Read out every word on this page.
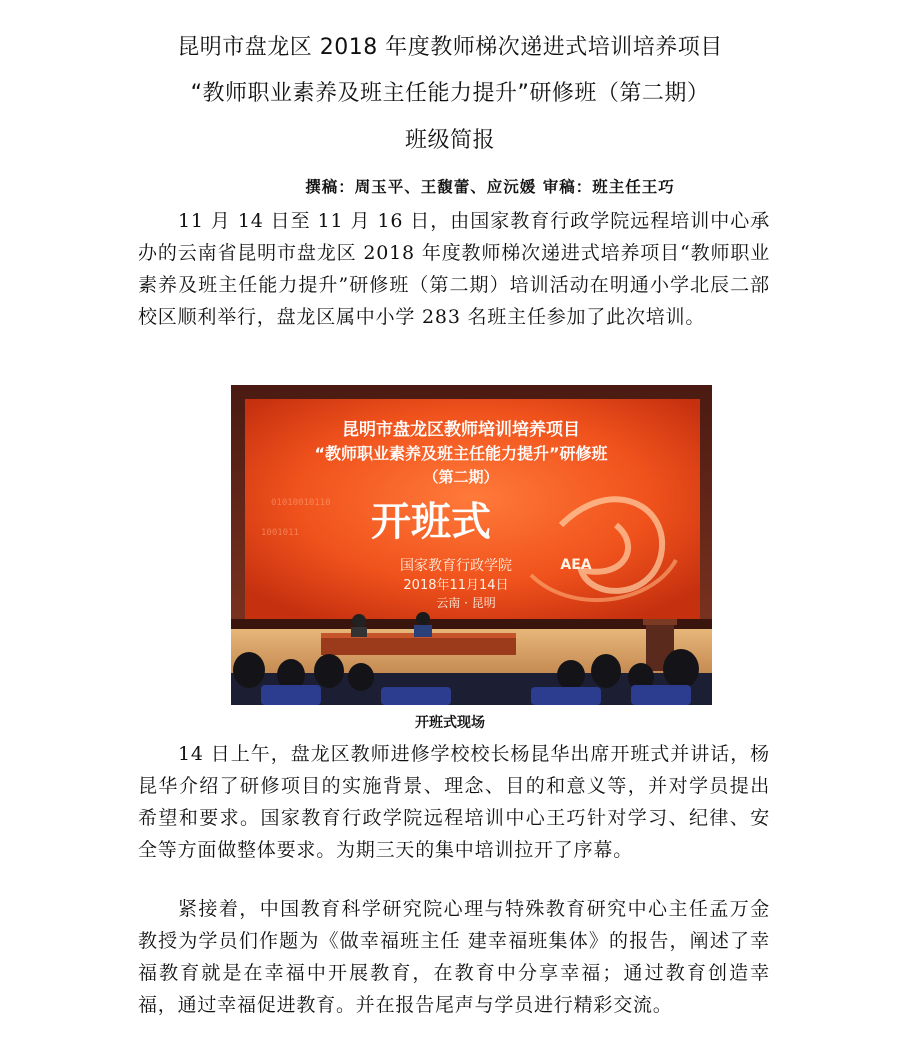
昆明市盘龙区 2018 年度教师梯次递进式培训培养项目
“教师职业素养及班主任能力提升”研修班（第二期）
班级简报
撰稿：周玉平、王馥蕾、应沅媛 审稿：班主任王巧

11 月 14 日至 11 月 16 日，由国家教育行政学院远程培训中心承办的云南省昆明市盘龙区 2018 年度教师梯次递进式培养项目“教师职业素养及班主任能力提升”研修班（第二期）培训活动在明通小学北辰二部校区顺利举行，盘龙区属中小学 283 名班主任参加了此次培训。

01010010110
1001011
昆明市盘龙区教师培训培养项目
“教师职业素养及班主任能力提升”研修班
（第二期）
开班式
国家教育行政学院	AEA
2018年11月14日
云南 · 昆明
开班式现场

14 日上午，盘龙区教师进修学校校长杨昆华出席开班式并讲话，杨昆华介绍了研修项目的实施背景、理念、目的和意义等，并对学员提出希望和要求。国家教育行政学院远程培训中心王巧针对学习、纪律、安全等方面做整体要求。为期三天的集中培训拉开了序幕。

紧接着，中国教育科学研究院心理与特殊教育研究中心主任孟万金教授为学员们作题为《做幸福班主任 建幸福班集体》的报告，阐述了幸福教育就是在幸福中开展教育，在教育中分享幸福；通过教育创造幸福，通过幸福促进教育。并在报告尾声与学员进行精彩交流。
